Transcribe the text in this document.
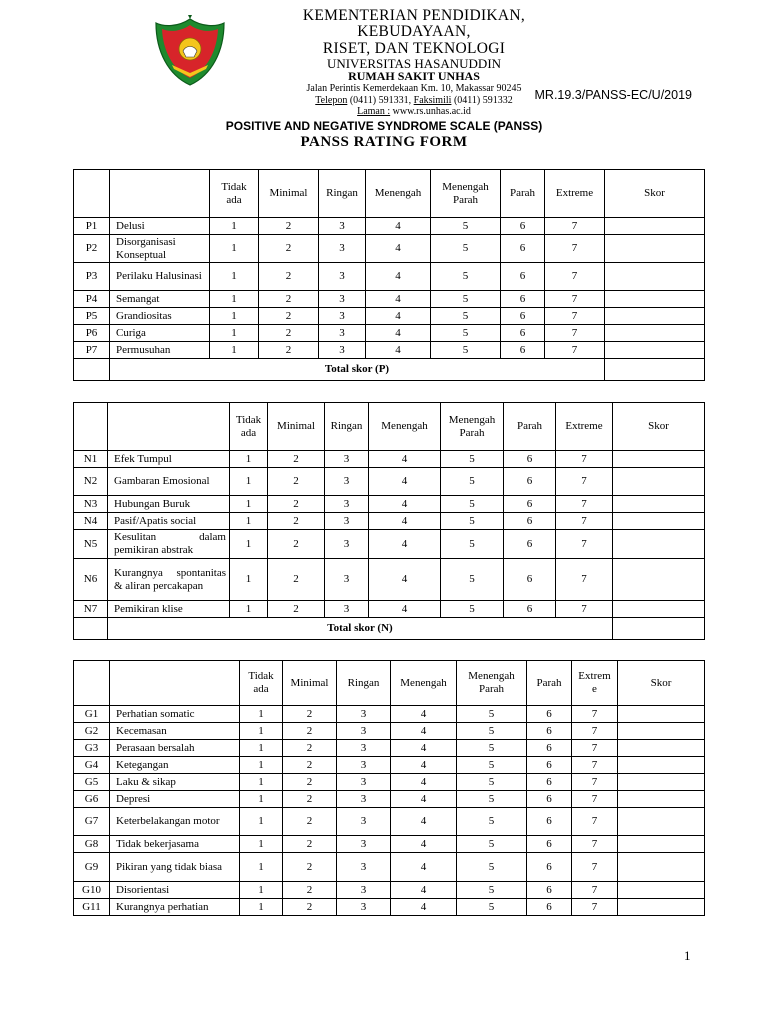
KEMENTERIAN PENDIDIKAN, KEBUDAYAAN,
RISET, DAN TEKNOLOGI
UNIVERSITAS HASANUDDIN
RUMAH SAKIT UNHAS
Jalan Perintis Kemerdekaan Km. 10, Makassar 90245
Telepon (0411) 591331, Faksimili (0411) 591332
Laman : www.rs.unhas.ac.id
MR.19.3/PANSS-EC/U/2019
POSITIVE AND NEGATIVE SYNDROME SCALE (PANSS)
PANSS RATING FORM
		Tidak ada	Minimal	Ringan	Menengah	Menengah Parah	Parah	Extreme	Skor
P1	Delusi	1	2	3	4	5	6	7	
P2	Disorganisasi Konseptual	1	2	3	4	5	6	7	
P3	Perilaku Halusinasi	1	2	3	4	5	6	7	
P4	Semangat	1	2	3	4	5	6	7	
P5	Grandiositas	1	2	3	4	5	6	7	
P6	Curiga	1	2	3	4	5	6	7	
P7	Permusuhan	1	2	3	4	5	6	7	
	Total skor (P)								
		Tidak ada	Minimal	Ringan	Menengah	Menengah Parah	Parah	Extreme	Skor
N1	Efek Tumpul	1	2	3	4	5	6	7	
N2	Gambaran Emosional	1	2	3	4	5	6	7	
N3	Hubungan Buruk	1	2	3	4	5	6	7	
N4	Pasif/Apatis social	1	2	3	4	5	6	7	
N5	Kesulitan dalam pemikiran abstrak	1	2	3	4	5	6	7	
N6	Kurangnya spontanitas & aliran percakapan	1	2	3	4	5	6	7	
N7	Pemikiran klise	1	2	3	4	5	6	7	
	Total skor (N)								
		Tidak ada	Minimal	Ringan	Menengah	Menengah Parah	Parah	Extrem e	Skor
G1	Perhatian somatic	1	2	3	4	5	6	7	
G2	Kecemasan	1	2	3	4	5	6	7	
G3	Perasaan bersalah	1	2	3	4	5	6	7	
G4	Ketegangan	1	2	3	4	5	6	7	
G5	Laku & sikap	1	2	3	4	5	6	7	
G6	Depresi	1	2	3	4	5	6	7	
G7	Keterbelakangan motor	1	2	3	4	5	6	7	
G8	Tidak bekerjasama	1	2	3	4	5	6	7	
G9	Pikiran yang tidak biasa	1	2	3	4	5	6	7	
G10	Disorientasi	1	2	3	4	5	6	7	
G11	Kurangnya perhatian	1	2	3	4	5	6	7	
1
